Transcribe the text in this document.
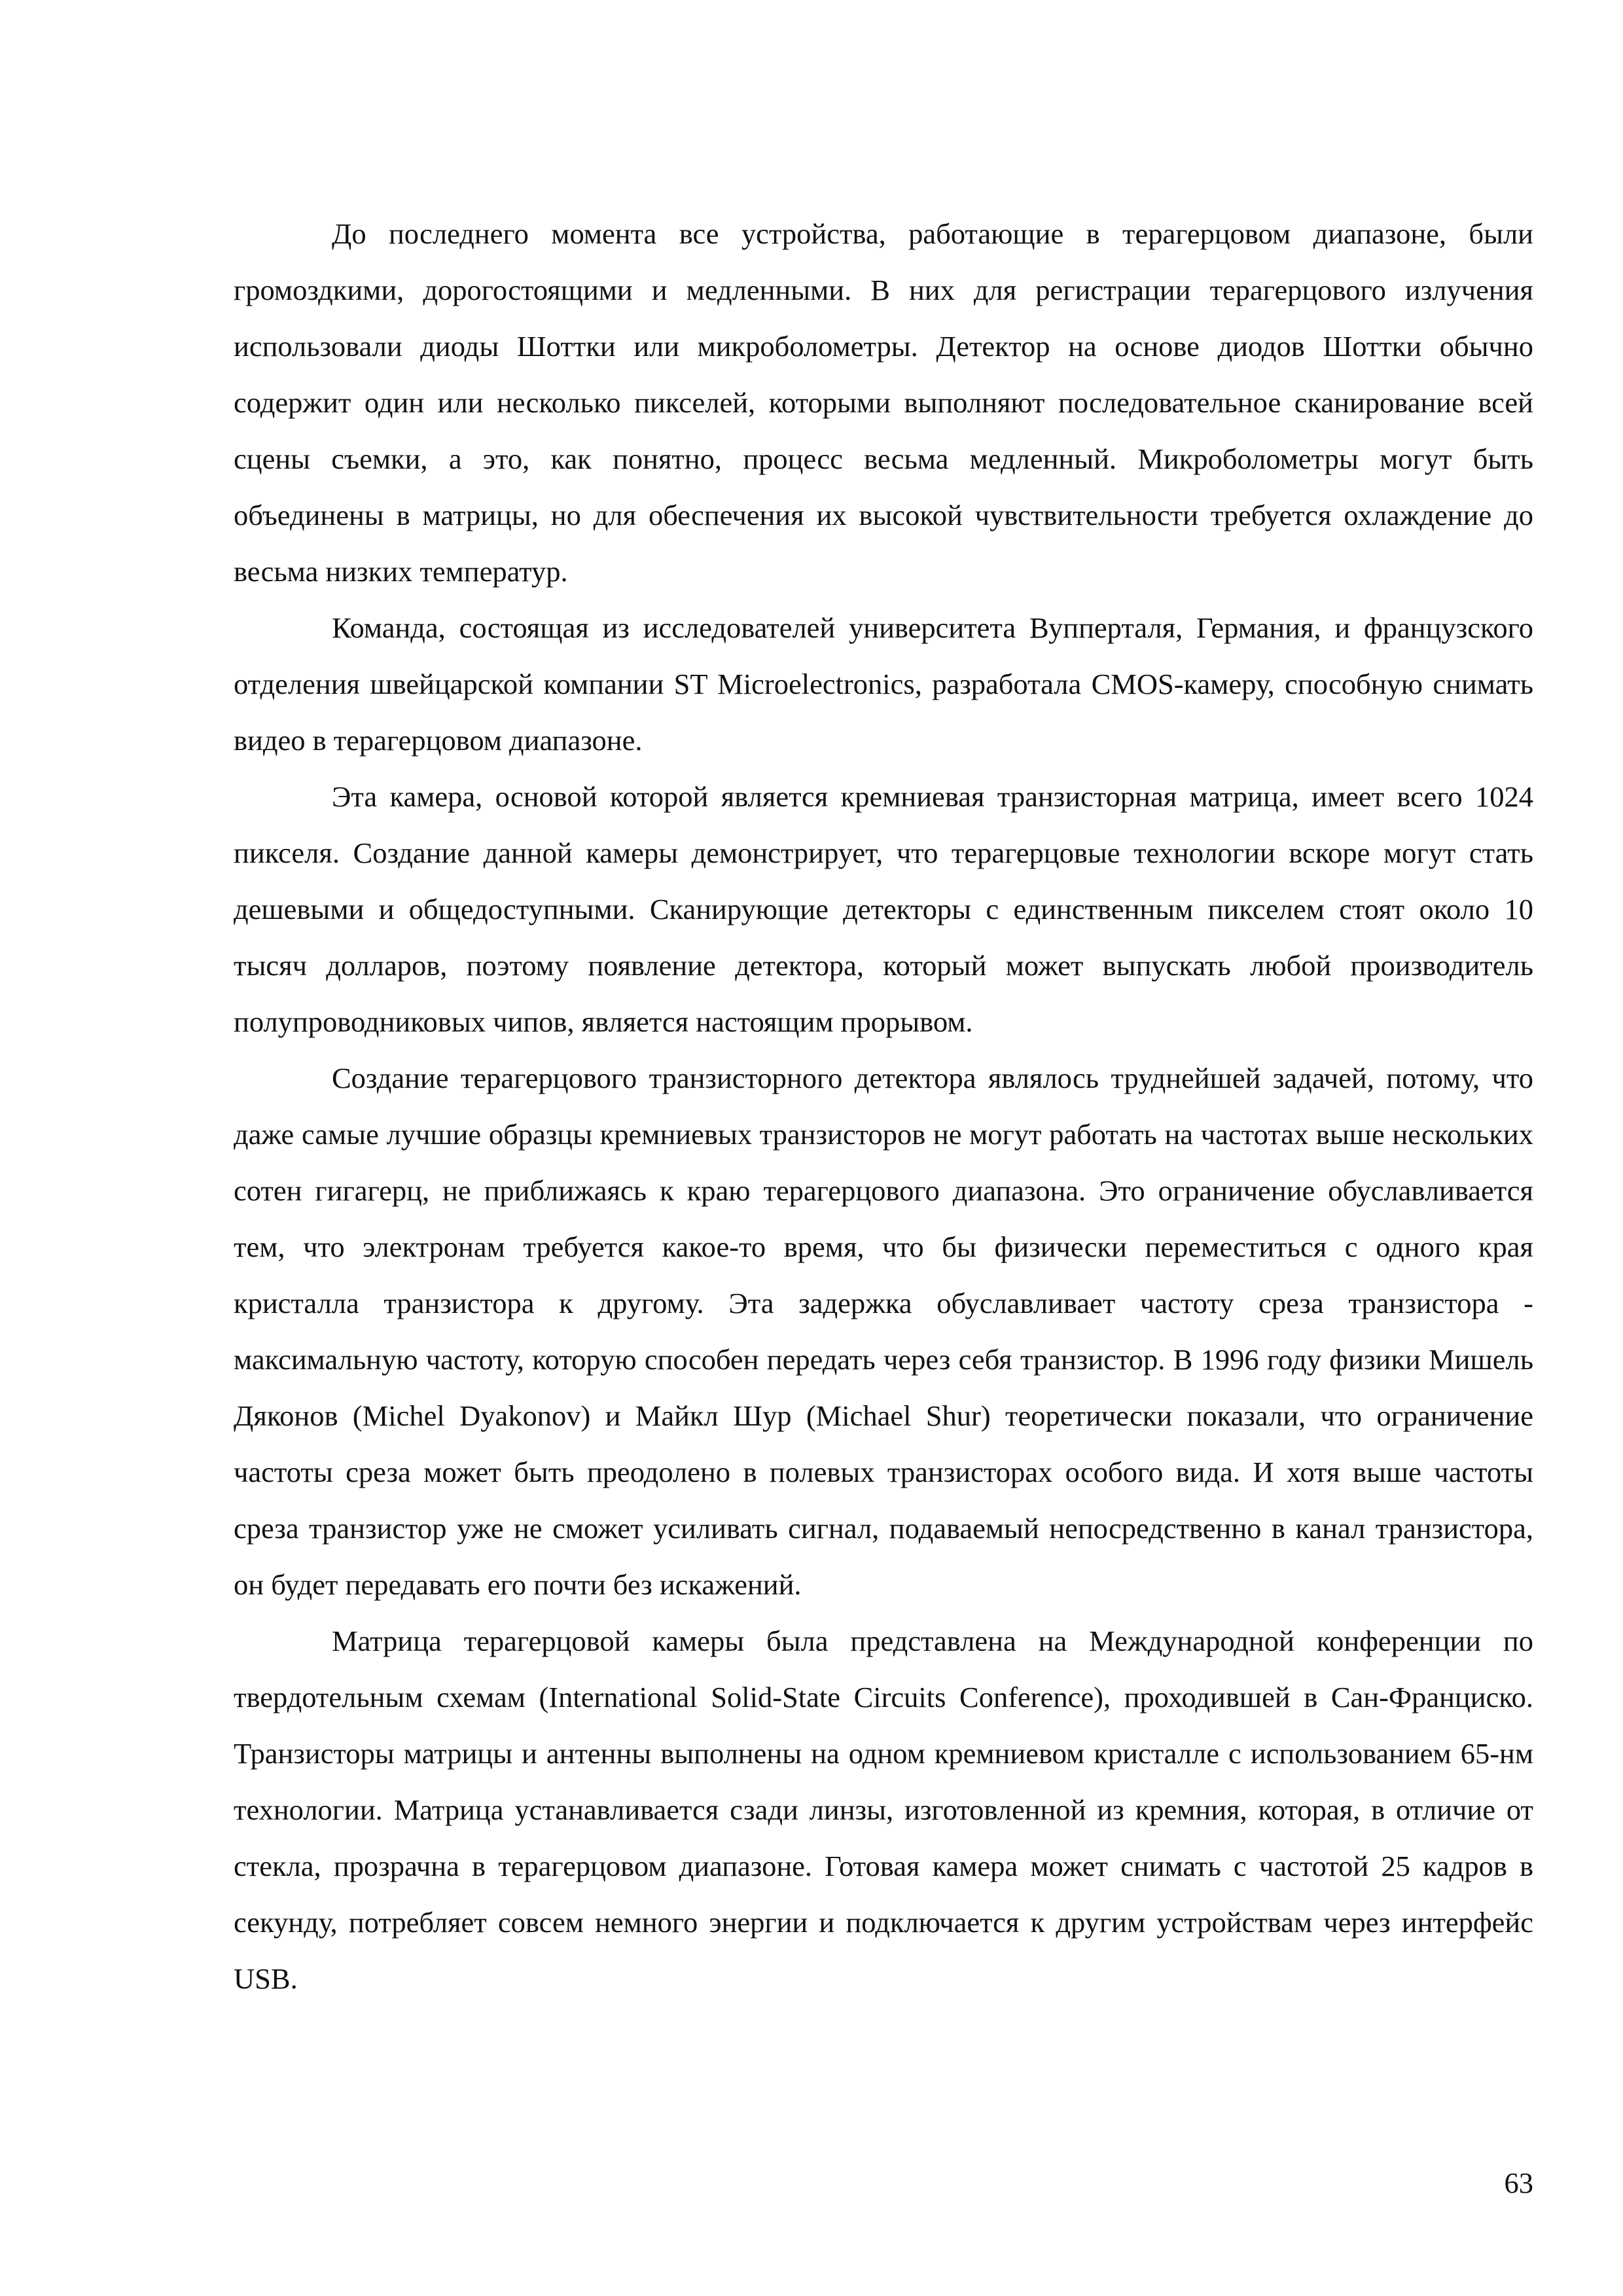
До последнего момента все устройства, работающие в терагерцовом диапазоне, были громоздкими, дорогостоящими и медленными. В них для регистрации терагерцового излучения использовали диоды Шоттки или микроболометры. Детектор на основе диодов Шоттки обычно содержит один или несколько пикселей, которыми выполняют последовательное сканирование всей сцены съемки, а это, как понятно, процесс весьма медленный. Микроболометры могут быть объединены в матрицы, но для обеспечения их высокой чувствительности требуется охлаждение до весьма низких температур.

Команда, состоящая из исследователей университета Вупперталя, Германия, и французского отделения швейцарской компании ST Microelectronics, разработала CMOS-камеру, способную снимать видео в терагерцовом диапазоне.

Эта камера, основой которой является кремниевая транзисторная матрица, имеет всего 1024 пикселя. Создание данной камеры демонстрирует, что терагерцовые технологии вскоре могут стать дешевыми и общедоступными. Сканирующие детекторы с единственным пикселем стоят около 10 тысяч долларов, поэтому появление детектора, который может выпускать любой производитель полупроводниковых чипов, является настоящим прорывом.

Создание терагерцового транзисторного детектора являлось труднейшей задачей, потому, что даже самые лучшие образцы кремниевых транзисторов не могут работать на частотах выше нескольких сотен гигагерц, не приближаясь к краю терагерцового диапазона. Это ограничение обуславливается тем, что электронам требуется какое-то время, что бы физически переместиться с одного края кристалла транзистора к другому. Эта задержка обуславливает частоту среза транзистора - максимальную частоту, которую способен передать через себя транзистор. В 1996 году физики Мишель Дяконов (Michel Dyakonov) и Майкл Шур (Michael Shur) теоретически показали, что ограничение частоты среза может быть преодолено в полевых транзисторах особого вида. И хотя выше частоты среза транзистор уже не сможет усиливать сигнал, подаваемый непосредственно в канал транзистора, он будет передавать его почти без искажений.

Матрица терагерцовой камеры была представлена на Международной конференции по твердотельным схемам (International Solid-State Circuits Conference), проходившей в Сан-Франциско. Транзисторы матрицы и антенны выполнены на одном кремниевом кристалле с использованием 65-нм технологии. Матрица устанавливается сзади линзы, изготовленной из кремния, которая, в отличие от стекла, прозрачна в терагерцовом диапазоне. Готовая камера может снимать с частотой 25 кадров в секунду, потребляет совсем немного энергии и подключается к другим устройствам через интерфейс USB.

63
